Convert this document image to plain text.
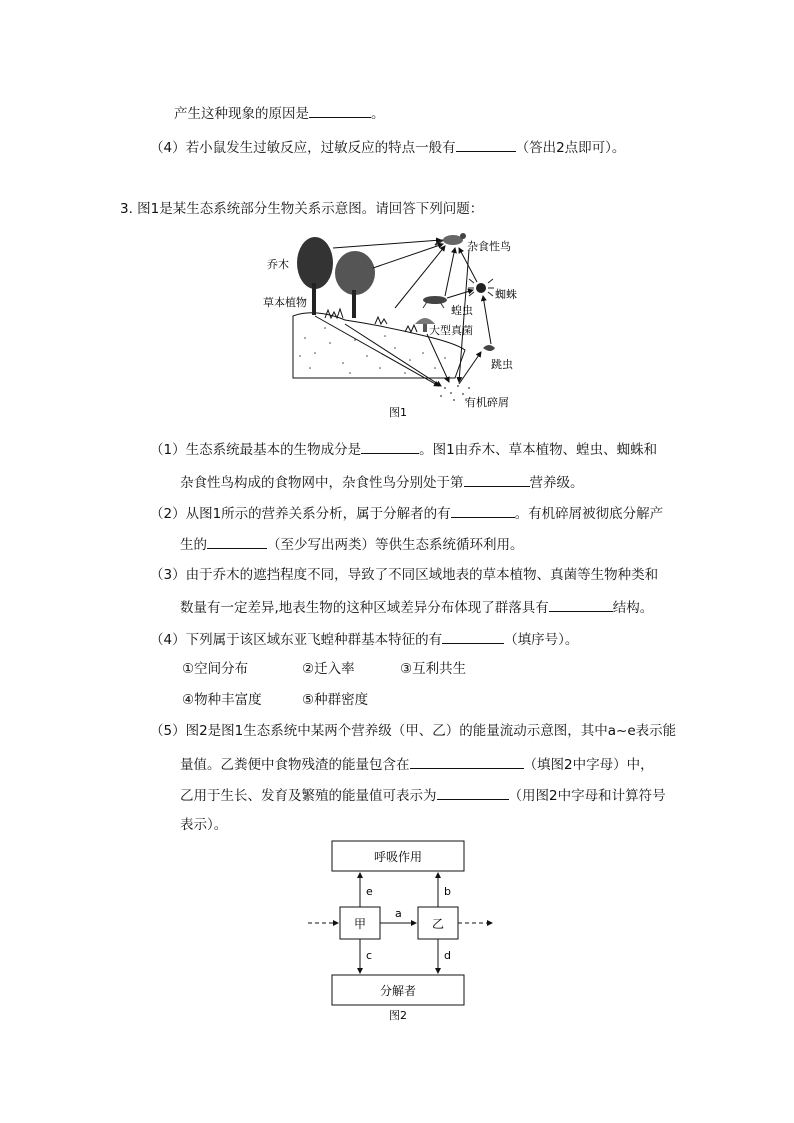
产生这种现象的原因是	。
（4）若小鼠发生过敏反应，过敏反应的特点一般有	（答出2点即可）。
3. 图1是某生态系统部分生物关系示意图。请回答下列问题：
乔木
草本植物
杂食性鸟
蜘蛛
蝗虫
大型真菌
跳虫
有机碎屑
图1
（1）生态系统最基本的生物成分是	。图1由乔木、草本植物、蝗虫、蜘蛛和
杂食性鸟构成的食物网中，杂食性鸟分别处于第	营养级。
（2）从图1所示的营养关系分析，属于分解者的有	。有机碎屑被彻底分解产
生的	（至少写出两类）等供生态系统循环利用。
（3）由于乔木的遮挡程度不同，导致了不同区域地表的草本植物、真菌等生物种类和
数量有一定差异,地表生物的这种区域差异分布体现了群落具有	结构。
（4）下列属于该区域东亚飞蝗种群基本特征的有	（填序号）。
①空间分布	②迁入率	③互利共生
④物种丰富度	⑤种群密度
（5）图2是图1生态系统中某两个营养级（甲、乙）的能量流动示意图，其中a~e表示能
量值。乙粪便中食物残渣的能量包含在	（填图2中字母）中，
乙用于生长、发育及繁殖的能量值可表示为	（用图2中字母和计算符号
表示）。
呼吸作用
甲	乙
分解者
e	b
a
c	d
图2
